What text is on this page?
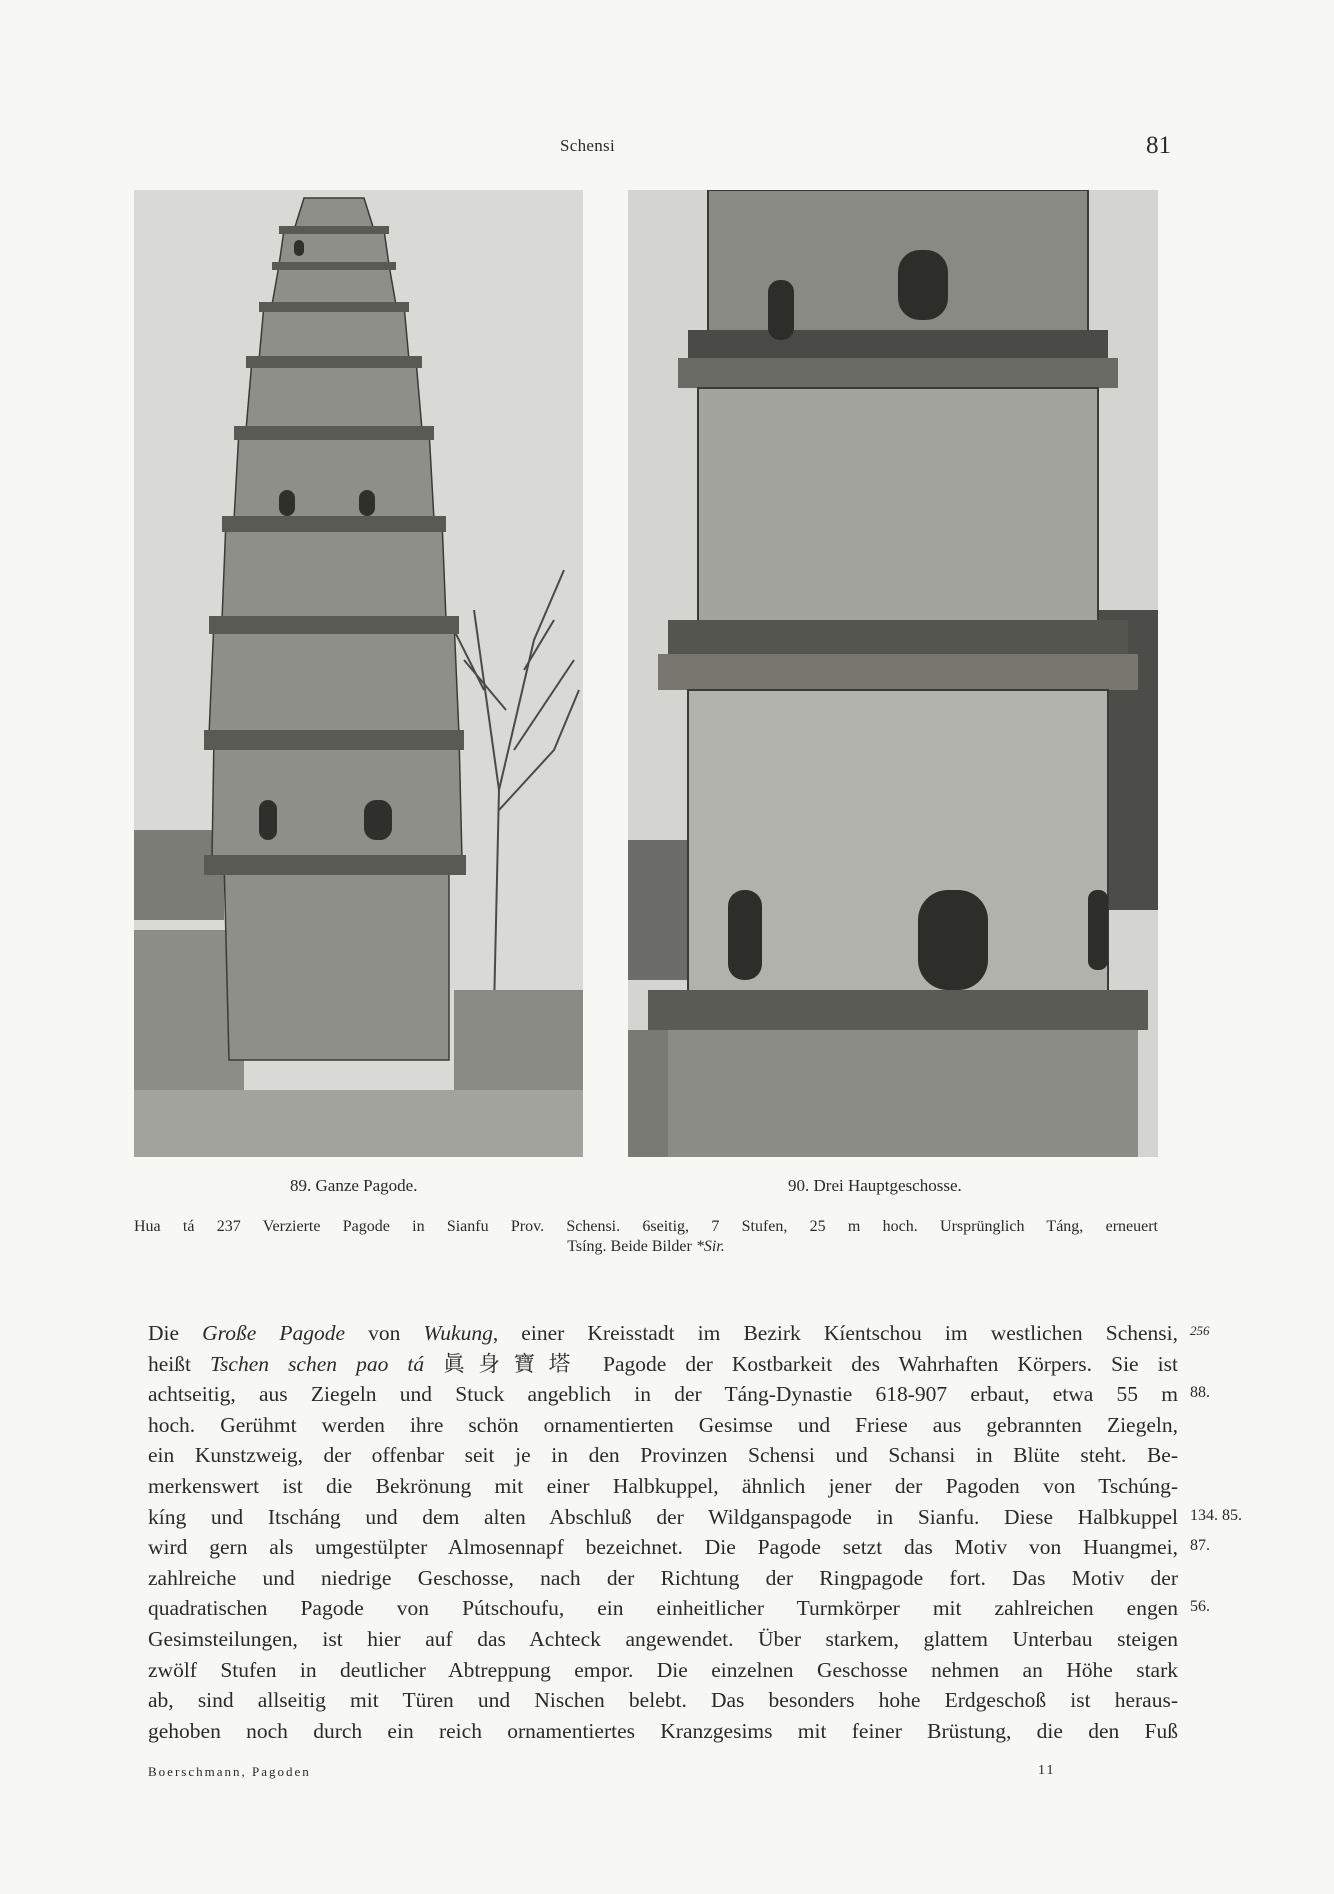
Schensi	81
89. Ganze Pagode.	90. Drei Hauptgeschosse.
Hua tá 237 Verzierte Pagode in Sianfu Prov. Schensi. 6seitig, 7 Stufen, 25 m hoch. Ursprünglich Táng, erneuert
Tsíng. Beide Bilder *Sir.
Die Große Pagode von Wukung, einer Kreisstadt im Bezirk Kíentschou im westlichen Schensi,
heißt Tschen schen pao tá 眞身寶塔 Pagode der Kostbarkeit des Wahrhaften Körpers. Sie ist
achtseitig, aus Ziegeln und Stuck angeblich in der Táng-Dynastie 618-907 erbaut, etwa 55 m
hoch. Gerühmt werden ihre schön ornamentierten Gesimse und Friese aus gebrannten Ziegeln,
ein Kunstzweig, der offenbar seit je in den Provinzen Schensi und Schansi in Blüte steht. Be-
merkenswert ist die Bekrönung mit einer Halbkuppel, ähnlich jener der Pagoden von Tschúng-
kíng und Itscháng und dem alten Abschluß der Wildganspagode in Sianfu. Diese Halbkuppel
wird gern als umgestülpter Almosennapf bezeichnet. Die Pagode setzt das Motiv von Huangmei,
zahlreiche und niedrige Geschosse, nach der Richtung der Ringpagode fort. Das Motiv der
quadratischen Pagode von Pútschoufu, ein einheitlicher Turmkörper mit zahlreichen engen
Gesimsteilungen, ist hier auf das Achteck angewendet. Über starkem, glattem Unterbau steigen
zwölf Stufen in deutlicher Abtreppung empor. Die einzelnen Geschosse nehmen an Höhe stark
ab, sind allseitig mit Türen und Nischen belebt. Das besonders hohe Erdgeschoß ist heraus-
gehoben noch durch ein reich ornamentiertes Kranzgesims mit feiner Brüstung, die den Fuß
256
88.
134. 85.
87.
56.
Boerschmann, Pagoden	11
